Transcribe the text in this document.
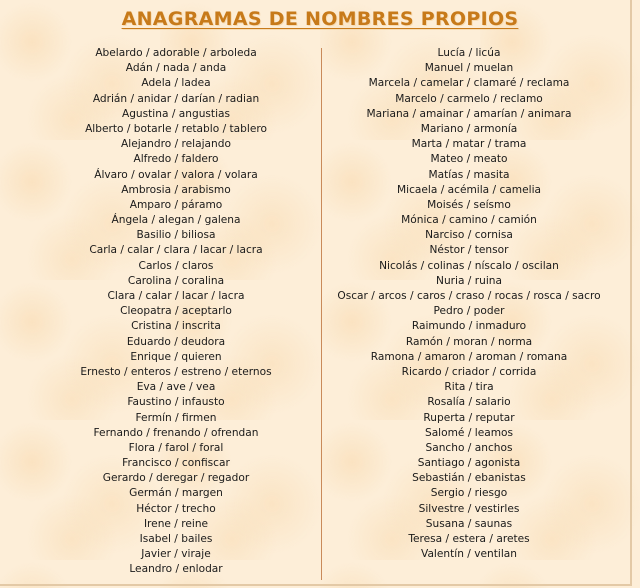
ANAGRAMAS DE NOMBRES PROPIOS
Abelardo / adorable / arboleda
Adán / nada / anda
Adela / ladea
Adrián / anidar / darían / radian
Agustina / angustias
Alberto / botarle / retablo / tablero
Alejandro / relajando
Alfredo / faldero
Álvaro / ovalar / valora / volara
Ambrosia / arabismo
Amparo / páramo
Ángela / alegan / galena
Basilio / biliosa
Carla / calar / clara / lacar / lacra
Carlos / claros
Carolina / coralina
Clara / calar / lacar / lacra
Cleopatra / aceptarlo
Cristina / inscrita
Eduardo / deudora
Enrique / quieren
Ernesto / enteros / estreno / eternos
Eva / ave / vea
Faustino / infausto
Fermín / firmen
Fernando / frenando / ofrendan
Flora / farol / foral
Francisco / confiscar
Gerardo / deregar / regador
Germán / margen
Héctor / trecho
Irene / reine
Isabel / bailes
Javier / viraje
Leandro / enlodar
Lucía / licúa
Manuel / muelan
Marcela / camelar / clamaré / reclama
Marcelo / carmelo / reclamo
Mariana / amainar / amarían / animara
Mariano / armonía
Marta / matar / trama
Mateo / meato
Matías / masita
Micaela / acémila / camelia
Moisés / seísmo
Mónica / camino / camión
Narciso / cornisa
Néstor / tensor
Nicolás / colinas / níscalo / oscilan
Nuria / ruina
Oscar / arcos / caros / craso / rocas / rosca / sacro
Pedro / poder
Raimundo / inmaduro
Ramón / moran / norma
Ramona / amaron / aroman / romana
Ricardo / criador / corrida
Rita / tira
Rosalía / salario
Ruperta / reputar
Salomé / leamos
Sancho / anchos
Santiago / agonista
Sebastián / ebanistas
Sergio / riesgo
Silvestre / vestirles
Susana / saunas
Teresa / estera / aretes
Valentín / ventilan
